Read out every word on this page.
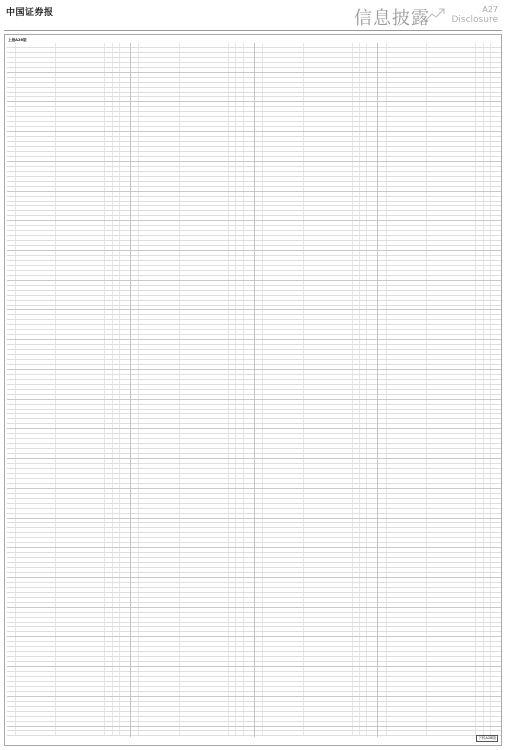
中国证券报	信息披露	A27
Disclosure
上接A26版
下转A28版
